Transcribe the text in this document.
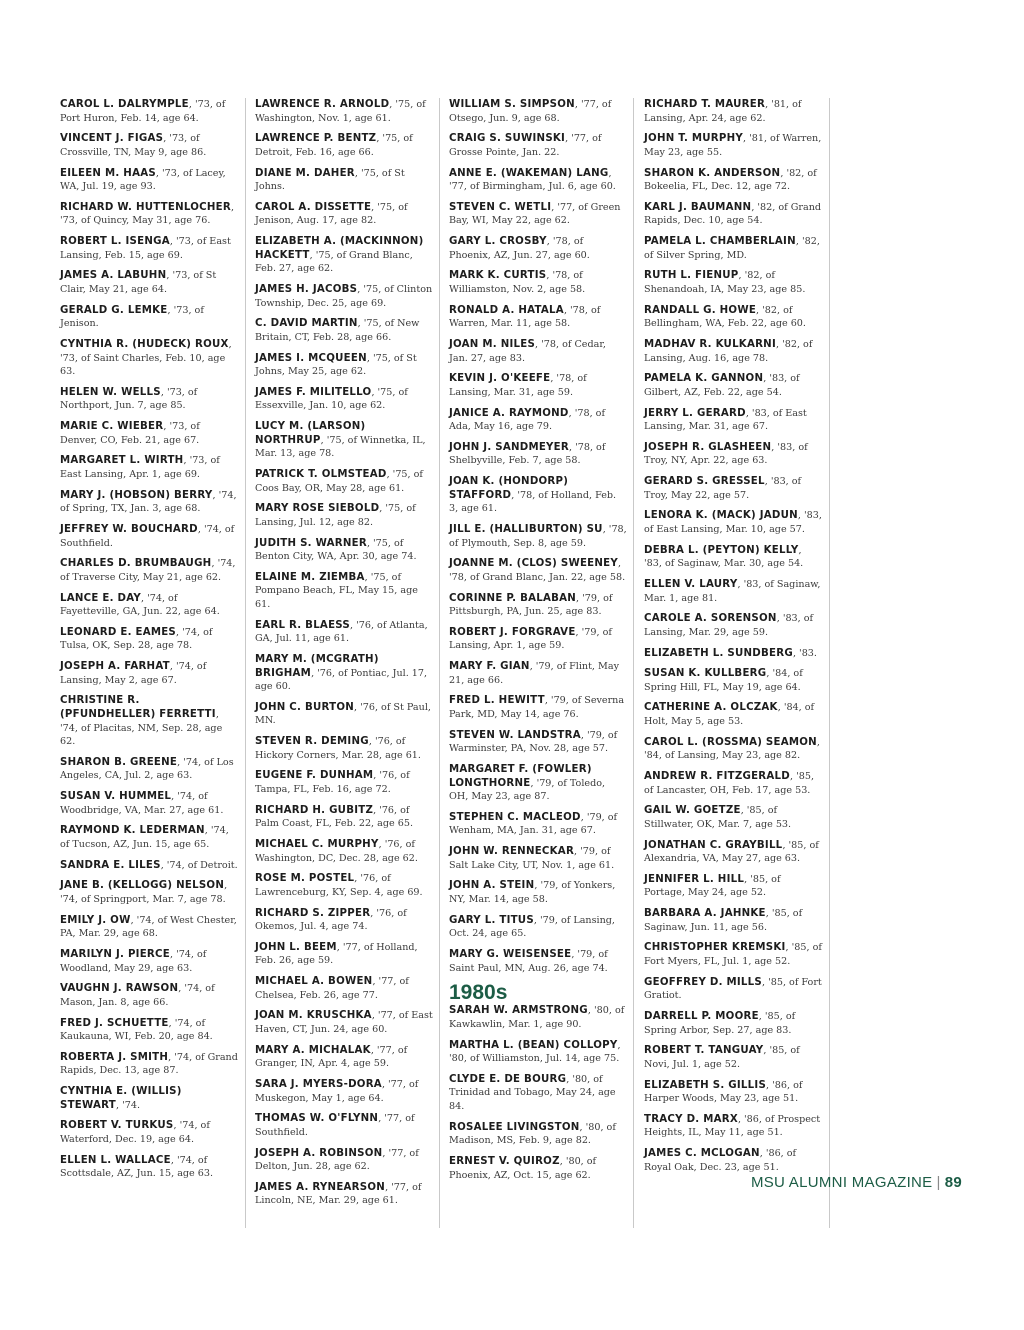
CAROL L. DALRYMPLE, '73, of Port Huron, Feb. 14, age 64.

VINCENT J. FIGAS, '73, of Crossville, TN, May 9, age 86.

EILEEN M. HAAS, '73, of Lacey, WA, Jul. 19, age 93.

RICHARD W. HUTTENLOCHER, '73, of Quincy, May 31, age 76.

ROBERT L. ISENGA, '73, of East Lansing, Feb. 15, age 69.

JAMES A. LABUHN, '73, of St Clair, May 21, age 64.

GERALD G. LEMKE, '73, of Jenison.

CYNTHIA R. (HUDECK) ROUX, '73, of Saint Charles, Feb. 10, age 63.

HELEN W. WELLS, '73, of Northport, Jun. 7, age 85.

MARIE C. WIEBER, '73, of Denver, CO, Feb. 21, age 67.

MARGARET L. WIRTH, '73, of East Lansing, Apr. 1, age 69.

MARY J. (HOBSON) BERRY, '74, of Spring, TX, Jan. 3, age 68.

JEFFREY W. BOUCHARD, '74, of Southfield.

CHARLES D. BRUMBAUGH, '74, of Traverse City, May 21, age 62.

LANCE E. DAY, '74, of Fayetteville, GA, Jun. 22, age 64.

LEONARD E. EAMES, '74, of Tulsa, OK, Sep. 28, age 78.

JOSEPH A. FARHAT, '74, of Lansing, May 2, age 67.

CHRISTINE R. (PFUNDHELLER) FERRETTI, '74, of Placitas, NM, Sep. 28, age 62.

SHARON B. GREENE, '74, of Los Angeles, CA, Jul. 2, age 63.

SUSAN V. HUMMEL, '74, of Woodbridge, VA, Mar. 27, age 61.

RAYMOND K. LEDERMAN, '74, of Tucson, AZ, Jun. 15, age 65.

SANDRA E. LILES, '74, of Detroit.

JANE B. (KELLOGG) NELSON, '74, of Springport, Mar. 7, age 78.

EMILY J. OW, '74, of West Chester, PA, Mar. 29, age 68.

MARILYN J. PIERCE, '74, of Woodland, May 29, age 63.

VAUGHN J. RAWSON, '74, of Mason, Jan. 8, age 66.

FRED J. SCHUETTE, '74, of Kaukauna, WI, Feb. 20, age 84.

ROBERTA J. SMITH, '74, of Grand Rapids, Dec. 13, age 87.

CYNTHIA E. (WILLIS) STEWART, '74.

ROBERT V. TURKUS, '74, of Waterford, Dec. 19, age 64.

ELLEN L. WALLACE, '74, of Scottsdale, AZ, Jun. 15, age 63.

LAWRENCE R. ARNOLD, '75, of Washington, Nov. 1, age 61.

LAWRENCE P. BENTZ, '75, of Detroit, Feb. 16, age 66.

DIANE M. DAHER, '75, of St Johns.

CAROL A. DISSETTE, '75, of Jenison, Aug. 17, age 82.

ELIZABETH A. (MACKINNON) HACKETT, '75, of Grand Blanc, Feb. 27, age 62.

JAMES H. JACOBS, '75, of Clinton Township, Dec. 25, age 69.

C. DAVID MARTIN, '75, of New Britain, CT, Feb. 28, age 66.

JAMES I. MCQUEEN, '75, of St Johns, May 25, age 62.

JAMES F. MILITELLO, '75, of Essexville, Jan. 10, age 62.

LUCY M. (LARSON) NORTHRUP, '75, of Winnetka, IL, Mar. 13, age 78.

PATRICK T. OLMSTEAD, '75, of Coos Bay, OR, May 28, age 61.

MARY ROSE SIEBOLD, '75, of Lansing, Jul. 12, age 82.

JUDITH S. WARNER, '75, of Benton City, WA, Apr. 30, age 74.

ELAINE M. ZIEMBA, '75, of Pompano Beach, FL, May 15, age 61.

EARL R. BLAESS, '76, of Atlanta, GA, Jul. 11, age 61.

MARY M. (MCGRATH) BRIGHAM, '76, of Pontiac, Jul. 17, age 60.

JOHN C. BURTON, '76, of St Paul, MN.

STEVEN R. DEMING, '76, of Hickory Corners, Mar. 28, age 61.

EUGENE F. DUNHAM, '76, of Tampa, FL, Feb. 16, age 72.

RICHARD H. GUBITZ, '76, of Palm Coast, FL, Feb. 22, age 65.

MICHAEL C. MURPHY, '76, of Washington, DC, Dec. 28, age 62.

ROSE M. POSTEL, '76, of Lawrenceburg, KY, Sep. 4, age 69.

RICHARD S. ZIPPER, '76, of Okemos, Jul. 4, age 74.

JOHN L. BEEM, '77, of Holland, Feb. 26, age 59.

MICHAEL A. BOWEN, '77, of Chelsea, Feb. 26, age 77.

JOAN M. KRUSCHKA, '77, of East Haven, CT, Jun. 24, age 60.

MARY A. MICHALAK, '77, of Granger, IN, Apr. 4, age 59.

SARA J. MYERS-DORA, '77, of Muskegon, May 1, age 64.

THOMAS W. O'FLYNN, '77, of Southfield.

JOSEPH A. ROBINSON, '77, of Delton, Jun. 28, age 62.

JAMES A. RYNEARSON, '77, of Lincoln, NE, Mar. 29, age 61.

WILLIAM S. SIMPSON, '77, of Otsego, Jun. 9, age 68.

CRAIG S. SUWINSKI, '77, of Grosse Pointe, Jan. 22.

ANNE E. (WAKEMAN) LANG, '77, of Birmingham, Jul. 6, age 60.

STEVEN C. WETLI, '77, of Green Bay, WI, May 22, age 62.

GARY L. CROSBY, '78, of Phoenix, AZ, Jun. 27, age 60.

MARK K. CURTIS, '78, of Williamston, Nov. 2, age 58.

RONALD A. HATALA, '78, of Warren, Mar. 11, age 58.

JOAN M. NILES, '78, of Cedar, Jan. 27, age 83.

KEVIN J. O'KEEFE, '78, of Lansing, Mar. 31, age 59.

JANICE A. RAYMOND, '78, of Ada, May 16, age 79.

JOHN J. SANDMEYER, '78, of Shelbyville, Feb. 7, age 58.

JOAN K. (HONDORP) STAFFORD, '78, of Holland, Feb. 3, age 61.

JILL E. (HALLIBURTON) SU, '78, of Plymouth, Sep. 8, age 59.

JOANNE M. (CLOS) SWEENEY, '78, of Grand Blanc, Jan. 22, age 58.

CORINNE P. BALABAN, '79, of Pittsburgh, PA, Jun. 25, age 83.

ROBERT J. FORGRAVE, '79, of Lansing, Apr. 1, age 59.

MARY F. GIAN, '79, of Flint, May 21, age 66.

FRED L. HEWITT, '79, of Severna Park, MD, May 14, age 76.

STEVEN W. LANDSTRA, '79, of Warminster, PA, Nov. 28, age 57.

MARGARET F. (FOWLER) LONGTHORNE, '79, of Toledo, OH, May 23, age 87.

STEPHEN C. MACLEOD, '79, of Wenham, MA, Jan. 31, age 67.

JOHN W. RENNECKAR, '79, of Salt Lake City, UT, Nov. 1, age 61.

JOHN A. STEIN, '79, of Yonkers, NY, Mar. 14, age 58.

GARY L. TITUS, '79, of Lansing, Oct. 24, age 65.

MARY G. WEISENSEE, '79, of Saint Paul, MN, Aug. 26, age 74.

1980s

SARAH W. ARMSTRONG, '80, of Kawkawlin, Mar. 1, age 90.

MARTHA L. (BEAN) COLLOPY, '80, of Williamston, Jul. 14, age 75.

CLYDE E. DE BOURG, '80, of Trinidad and Tobago, May 24, age 84.

ROSALEE LIVINGSTON, '80, of Madison, MS, Feb. 9, age 82.

ERNEST V. QUIROZ, '80, of Phoenix, AZ, Oct. 15, age 62.

RICHARD T. MAURER, '81, of Lansing, Apr. 24, age 62.

JOHN T. MURPHY, '81, of Warren, May 23, age 55.

SHARON K. ANDERSON, '82, of Bokeelia, FL, Dec. 12, age 72.

KARL J. BAUMANN, '82, of Grand Rapids, Dec. 10, age 54.

PAMELA L. CHAMBERLAIN, '82, of Silver Spring, MD.

RUTH L. FIENUP, '82, of Shenandoah, IA, May 23, age 85.

RANDALL G. HOWE, '82, of Bellingham, WA, Feb. 22, age 60.

MADHAV R. KULKARNI, '82, of Lansing, Aug. 16, age 78.

PAMELA K. GANNON, '83, of Gilbert, AZ, Feb. 22, age 54.

JERRY L. GERARD, '83, of East Lansing, Mar. 31, age 67.

JOSEPH R. GLASHEEN, '83, of Troy, NY, Apr. 22, age 63.

GERARD S. GRESSEL, '83, of Troy, May 22, age 57.

LENORA K. (MACK) JADUN, '83, of East Lansing, Mar. 10, age 57.

DEBRA L. (PEYTON) KELLY, '83, of Saginaw, Mar. 30, age 54.

ELLEN V. LAURY, '83, of Saginaw, Mar. 1, age 81.

CAROLE A. SORENSON, '83, of Lansing, Mar. 29, age 59.

ELIZABETH L. SUNDBERG, '83.

SUSAN K. KULLBERG, '84, of Spring Hill, FL, May 19, age 64.

CATHERINE A. OLCZAK, '84, of Holt, May 5, age 53.

CAROL L. (ROSSMA) SEAMON, '84, of Lansing, May 23, age 82.

ANDREW R. FITZGERALD, '85, of Lancaster, OH, Feb. 17, age 53.

GAIL W. GOETZE, '85, of Stillwater, OK, Mar. 7, age 53.

JONATHAN C. GRAYBILL, '85, of Alexandria, VA, May 27, age 63.

JENNIFER L. HILL, '85, of Portage, May 24, age 52.

BARBARA A. JAHNKE, '85, of Saginaw, Jun. 11, age 56.

CHRISTOPHER KREMSKI, '85, of Fort Myers, FL, Jul. 1, age 52.

GEOFFREY D. MILLS, '85, of Fort Gratiot.

DARRELL P. MOORE, '85, of Spring Arbor, Sep. 27, age 83.

ROBERT T. TANGUAY, '85, of Novi, Jul. 1, age 52.

ELIZABETH S. GILLIS, '86, of Harper Woods, May 23, age 51.

TRACY D. MARX, '86, of Prospect Heights, IL, May 11, age 51.

JAMES C. MCLOGAN, '86, of Royal Oak, Dec. 23, age 51.

MSU ALUMNI MAGAZINE | 89
